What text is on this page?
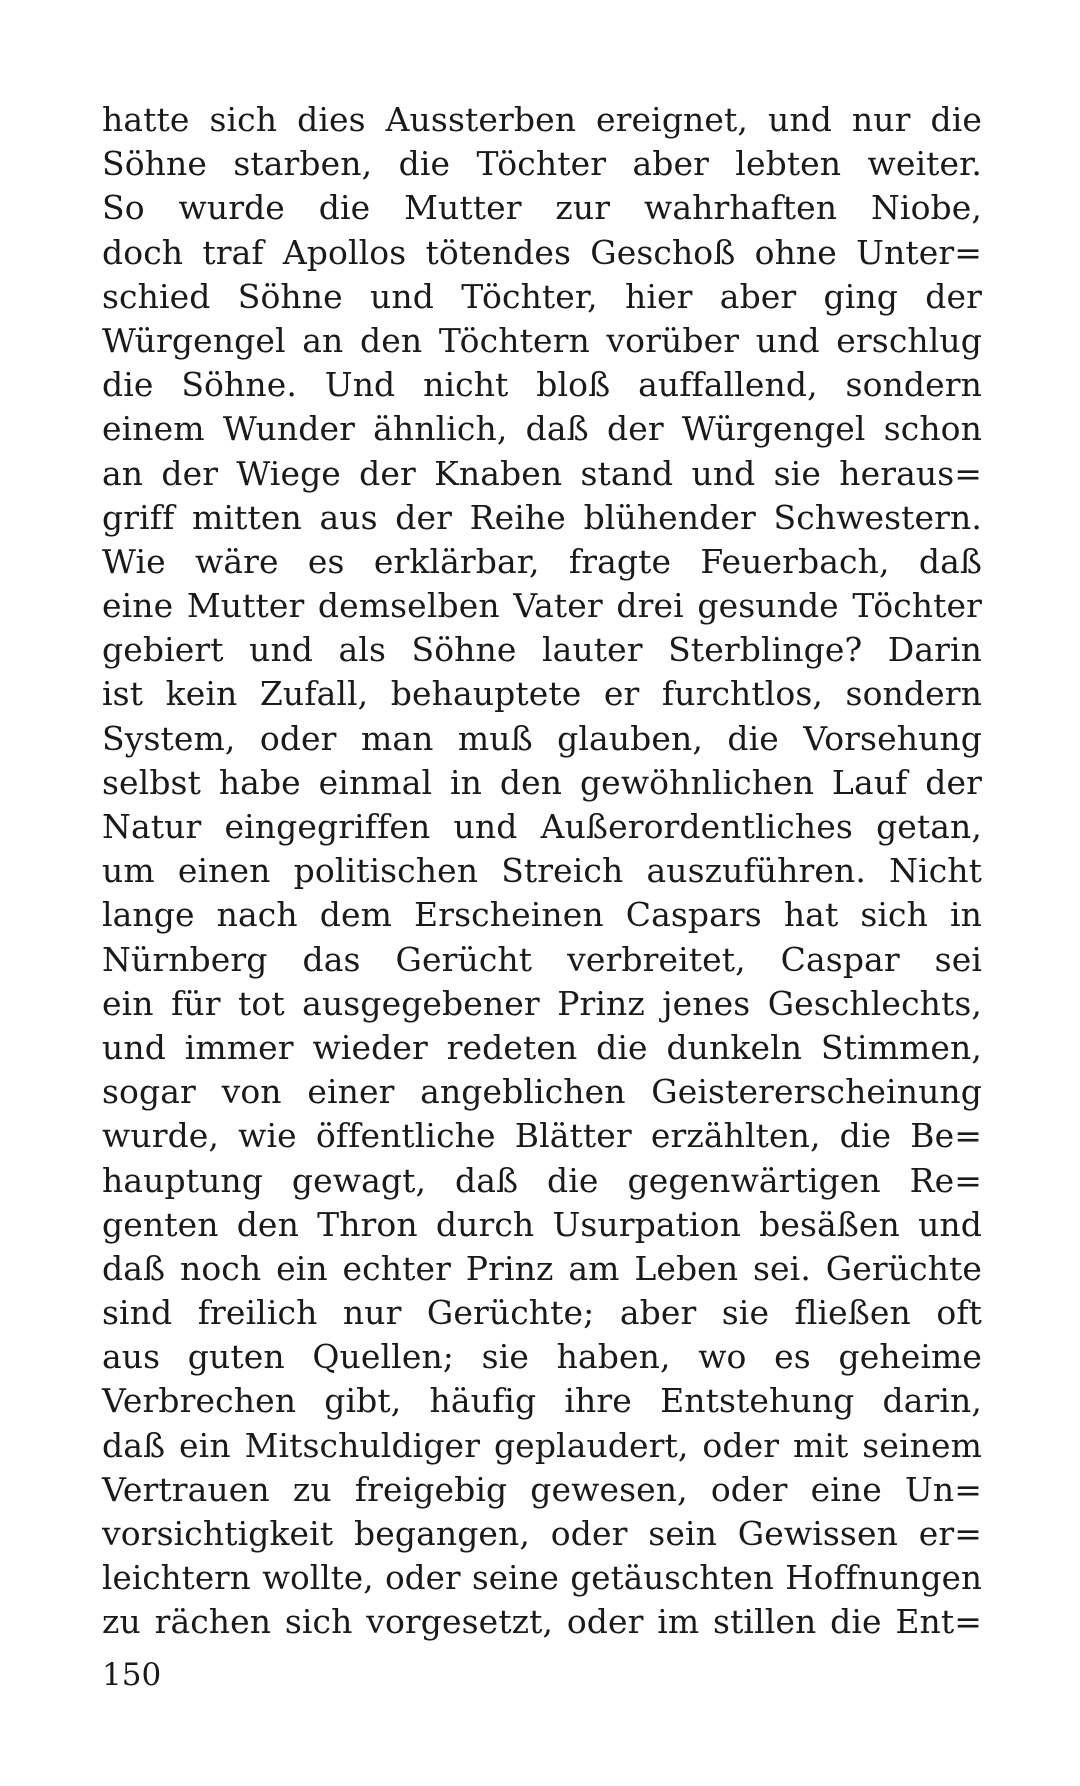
hatte sich dies Aussterben ereignet, und nur die
Söhne starben, die Töchter aber lebten weiter.
So wurde die Mutter zur wahrhaften Niobe,
doch traf Apollos tötendes Geschoß ohne Unter=
schied Söhne und Töchter, hier aber ging der
Würgengel an den Töchtern vorüber und erschlug
die Söhne. Und nicht bloß auffallend, sondern
einem Wunder ähnlich, daß der Würgengel schon
an der Wiege der Knaben stand und sie heraus=
griff mitten aus der Reihe blühender Schwestern.
Wie wäre es erklärbar, fragte Feuerbach, daß
eine Mutter demselben Vater drei gesunde Töchter
gebiert und als Söhne lauter Sterblinge? Darin
ist kein Zufall, behauptete er furchtlos, sondern
System, oder man muß glauben, die Vorsehung
selbst habe einmal in den gewöhnlichen Lauf der
Natur eingegriffen und Außerordentliches getan,
um einen politischen Streich auszuführen. Nicht
lange nach dem Erscheinen Caspars hat sich in
Nürnberg das Gerücht verbreitet, Caspar sei
ein für tot ausgegebener Prinz jenes Geschlechts,
und immer wieder redeten die dunkeln Stimmen,
sogar von einer angeblichen Geistererscheinung
wurde, wie öffentliche Blätter erzählten, die Be=
hauptung gewagt, daß die gegenwärtigen Re=
genten den Thron durch Usurpation besäßen und
daß noch ein echter Prinz am Leben sei. Gerüchte
sind freilich nur Gerüchte; aber sie fließen oft
aus guten Quellen; sie haben, wo es geheime
Verbrechen gibt, häufig ihre Entstehung darin,
daß ein Mitschuldiger geplaudert, oder mit seinem
Vertrauen zu freigebig gewesen, oder eine Un=
vorsichtigkeit begangen, oder sein Gewissen er=
leichtern wollte, oder seine getäuschten Hoffnungen
zu rächen sich vorgesetzt, oder im stillen die Ent=
150
